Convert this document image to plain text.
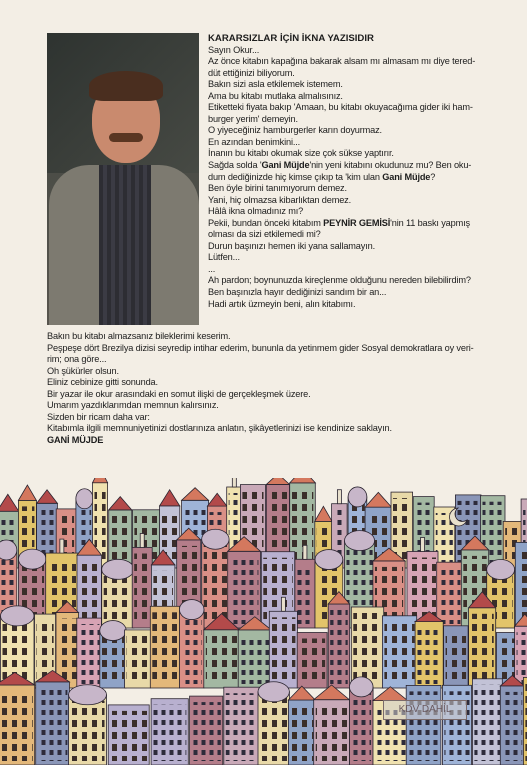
KARARSIZLAR İÇİN İKNA YAZISIDIR
Sayın Okur...
Az önce kitabın kapağına bakarak alsam mı almasam mı diye tered-
düt ettiğinizi biliyorum.
Bakın sizi asla etkilemek istemem.
Ama bu kitabı mutlaka almalısınız.
Etiketteki fiyata bakıp 'Amaan, bu kitabı okuyacağıma gider iki ham-
burger yerim' demeyin.
O yiyeceğiniz hamburgerler karın doyurmaz.
En azından benimkini...
İnanın bu kitabı okumak size çok sükse yaptırır.
Sağda solda 'Gani Müjde'nin yeni kitabını okudunuz mu? Ben oku-
dum dediğinizde hiç kimse çıkıp ta 'kim ulan Gani Müjde?
Ben öyle birini tanımıyorum demez.
Yani, hiç olmazsa kibarlıktan demez.
Hâlâ ikna olmadınız mı?
Pekii, bundan önceki kitabım PEYNİR GEMİSİ'nin 11 baskı yapmış
olması da sizi etkilemedi mi?
Durun başınızı hemen iki yana sallamayın.
Lütfen...
...
Ah pardon; boynunuzda kireçlenme olduğunu nereden bilebilirdim?
Ben başınızla hayır dediğinizi sandım bir an...
Hadi artık üzmeyin beni, alın kitabımı.
Bakın bu kitabı almazsanız bileklerimi keserim.
Peşpeşe dört Brezilya dizisi seyredip intihar ederim, bununla da yetinmem gider Sosyal demokratlara oy veri-
rim; ona göre...
Oh şükürler olsun.
Eliniz cebinize gitti sonunda.
Bir yazar ile okur arasındaki en somut ilişki de gerçekleşmek üzere.
Umarım yazdıklarımdan memnun kalırsınız.
Sizden bir ricam daha var:
Kitabımla ilgili memnuniyetinizi dostlarınıza anlatın, şikâyetlerinizi ise kendinize saklayın.
GANİ MÜJDE
KDV DAHİL
